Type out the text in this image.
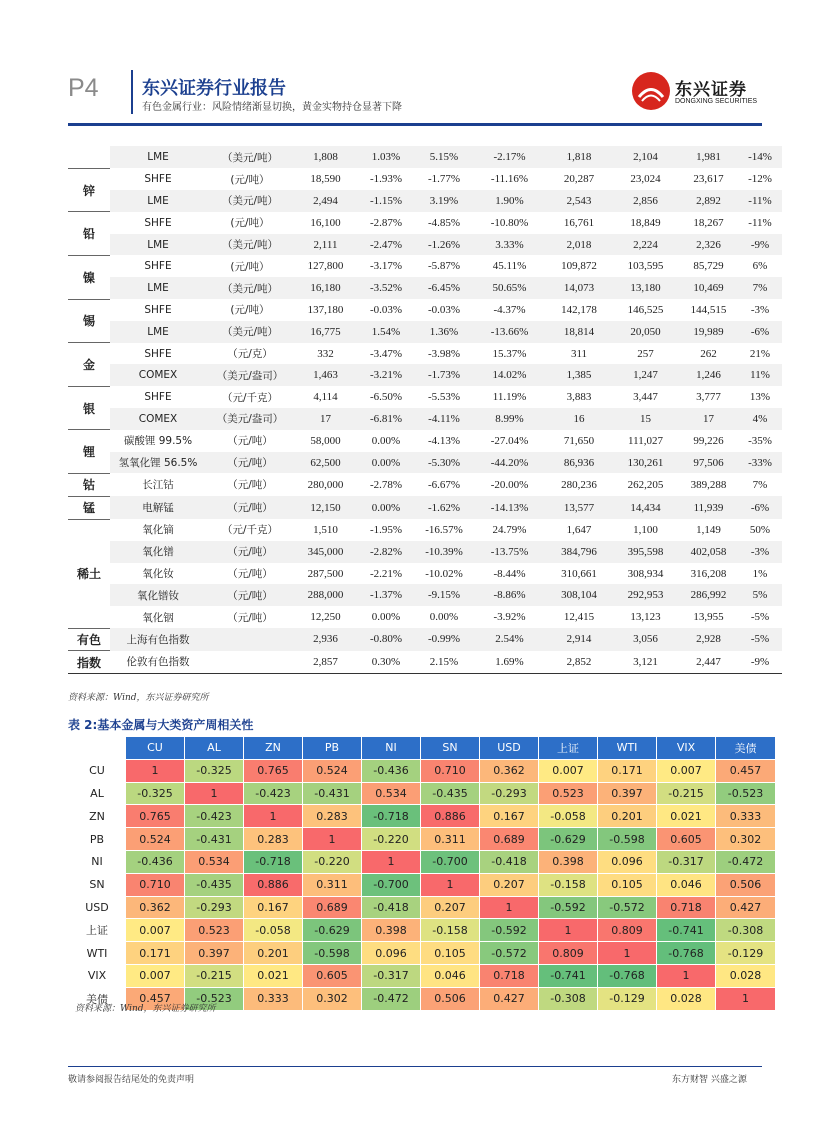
P4 东兴证券行业报告
有色金属行业：风险情绪渐显切换，黄金实物持仓显著下降
东兴证券
DONGXING SECURITIES
	LME	（美元/吨）	1,808	1.03%	5.15%	-2.17%	1,818	2,104	1,981	-14%
锌	SHFE	(元/吨）	18,590	-1.93%	-1.77%	-11.16%	20,287	23,024	23,617	-12%
	LME	（美元/吨）	2,494	-1.15%	3.19%	1.90%	2,543	2,856	2,892	-11%
铅	SHFE	(元/吨）	16,100	-2.87%	-4.85%	-10.80%	16,761	18,849	18,267	-11%
	LME	（美元/吨）	2,111	-2.47%	-1.26%	3.33%	2,018	2,224	2,326	-9%
镍	SHFE	(元/吨）	127,800	-3.17%	-5.87%	45.11%	109,872	103,595	85,729	6%
	LME	（美元/吨）	16,180	-3.52%	-6.45%	50.65%	14,073	13,180	10,469	7%
锡	SHFE	(元/吨）	137,180	-0.03%	-0.03%	-4.37%	142,178	146,525	144,515	-3%
	LME	（美元/吨）	16,775	1.54%	1.36%	-13.66%	18,814	20,050	19,989	-6%
金	SHFE	（元/克）	332	-3.47%	-3.98%	15.37%	311	257	262	21%
	COMEX	（美元/盎司）	1,463	-3.21%	-1.73%	14.02%	1,385	1,247	1,246	11%
银	SHFE	（元/千克）	4,114	-6.50%	-5.53%	11.19%	3,883	3,447	3,777	13%
	COMEX	（美元/盎司）	17	-6.81%	-4.11%	8.99%	16	15	17	4%
锂	碳酸锂 99.5%	（元/吨）	58,000	0.00%	-4.13%	-27.04%	71,650	111,027	99,226	-35%
	氢氧化锂 56.5%	（元/吨）	62,500	0.00%	-5.30%	-44.20%	86,936	130,261	97,506	-33%
钴	长江钴	（元/吨）	280,000	-2.78%	-6.67%	-20.00%	280,236	262,205	389,288	7%
锰	电解锰	（元/吨）	12,150	0.00%	-1.62%	-14.13%	13,577	14,434	11,939	-6%
稀土	氧化镝	（元/千克）	1,510	-1.95%	-16.57%	24.79%	1,647	1,100	1,149	50%
	氧化镨	（元/吨）	345,000	-2.82%	-10.39%	-13.75%	384,796	395,598	402,058	-3%
	氧化钕	（元/吨）	287,500	-2.21%	-10.02%	-8.44%	310,661	308,934	316,208	1%
	氧化镨钕	（元/吨）	288,000	-1.37%	-9.15%	-8.86%	308,104	292,953	286,992	5%
	氧化铟	（元/吨）	12,250	0.00%	0.00%	-3.92%	12,415	13,123	13,955	-5%
有色	上海有色指数		2,936	-0.80%	-0.99%	2.54%	2,914	3,056	2,928	-5%
指数	伦敦有色指数		2,857	0.30%	2.15%	1.69%	2,852	3,121	2,447	-9%
资料来源：Wind，东兴证券研究所
表 2:基本金属与大类资产周相关性
	CU	AL	ZN	PB	NI	SN	USD	上证	WTI	VIX	美债
CU	1	-0.325	0.765	0.524	-0.436	0.710	0.362	0.007	0.171	0.007	0.457
AL	-0.325	1	-0.423	-0.431	0.534	-0.435	-0.293	0.523	0.397	-0.215	-0.523
ZN	0.765	-0.423	1	0.283	-0.718	0.886	0.167	-0.058	0.201	0.021	0.333
PB	0.524	-0.431	0.283	1	-0.220	0.311	0.689	-0.629	-0.598	0.605	0.302
NI	-0.436	0.534	-0.718	-0.220	1	-0.700	-0.418	0.398	0.096	-0.317	-0.472
SN	0.710	-0.435	0.886	0.311	-0.700	1	0.207	-0.158	0.105	0.046	0.506
USD	0.362	-0.293	0.167	0.689	-0.418	0.207	1	-0.592	-0.572	0.718	0.427
上证	0.007	0.523	-0.058	-0.629	0.398	-0.158	-0.592	1	0.809	-0.741	-0.308
WTI	0.171	0.397	0.201	-0.598	0.096	0.105	-0.572	0.809	1	-0.768	-0.129
VIX	0.007	-0.215	0.021	0.605	-0.317	0.046	0.718	-0.741	-0.768	1	0.028
美债	0.457	-0.523	0.333	0.302	-0.472	0.506	0.427	-0.308	-0.129	0.028	1
资料来源：Wind，东兴证券研究所
敬请参阅报告结尾处的免责声明	东方财智 兴盛之源
